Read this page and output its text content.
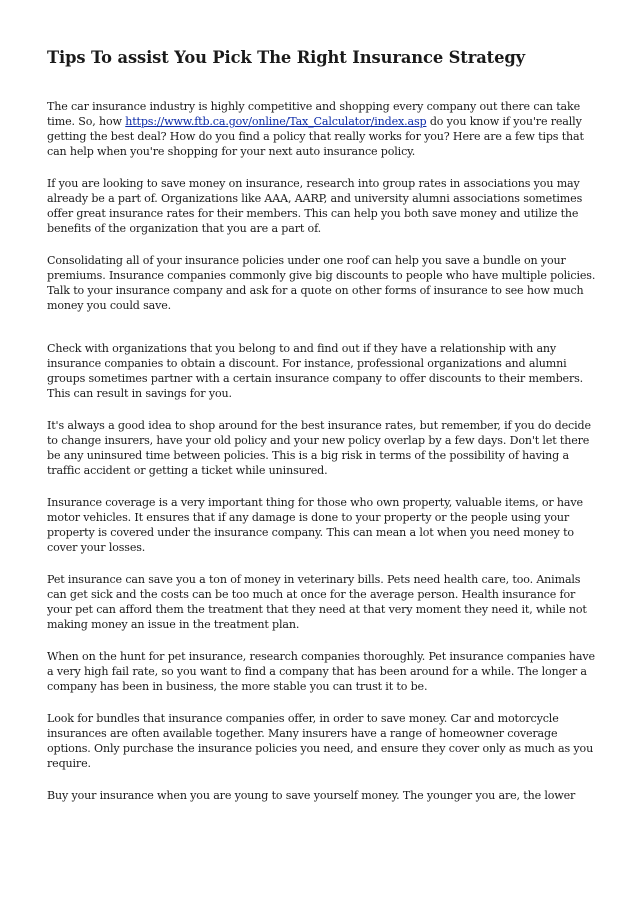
Tips To assist You Pick The Right Insurance Strategy

The car insurance industry is highly competitive and shopping every company out there can take time. So, how https://www.ftb.ca.gov/online/Tax_Calculator/index.asp do you know if you're really getting the best deal? How do you find a policy that really works for you? Here are a few tips that can help when you're shopping for your next auto insurance policy.

If you are looking to save money on insurance, research into group rates in associations you may already be a part of. Organizations like AAA, AARP, and university alumni associations sometimes offer great insurance rates for their members. This can help you both save money and utilize the benefits of the organization that you are a part of.

Consolidating all of your insurance policies under one roof can help you save a bundle on your premiums. Insurance companies commonly give big discounts to people who have multiple policies. Talk to your insurance company and ask for a quote on other forms of insurance to see how much money you could save.

Check with organizations that you belong to and find out if they have a relationship with any insurance companies to obtain a discount. For instance, professional organizations and alumni groups sometimes partner with a certain insurance company to offer discounts to their members. This can result in savings for you.

It's always a good idea to shop around for the best insurance rates, but remember, if you do decide to change insurers, have your old policy and your new policy overlap by a few days. Don't let there be any uninsured time between policies. This is a big risk in terms of the possibility of having a traffic accident or getting a ticket while uninsured.

Insurance coverage is a very important thing for those who own property, valuable items, or have motor vehicles. It ensures that if any damage is done to your property or the people using your property is covered under the insurance company. This can mean a lot when you need money to cover your losses.

Pet insurance can save you a ton of money in veterinary bills. Pets need health care, too. Animals can get sick and the costs can be too much at once for the average person. Health insurance for your pet can afford them the treatment that they need at that very moment they need it, while not making money an issue in the treatment plan.

When on the hunt for pet insurance, research companies thoroughly. Pet insurance companies have a very high fail rate, so you want to find a company that has been around for a while. The longer a company has been in business, the more stable you can trust it to be.

Look for bundles that insurance companies offer, in order to save money. Car and motorcycle insurances are often available together. Many insurers have a range of homeowner coverage options. Only purchase the insurance policies you need, and ensure they cover only as much as you require.

Buy your insurance when you are young to save yourself money. The younger you are, the lower
